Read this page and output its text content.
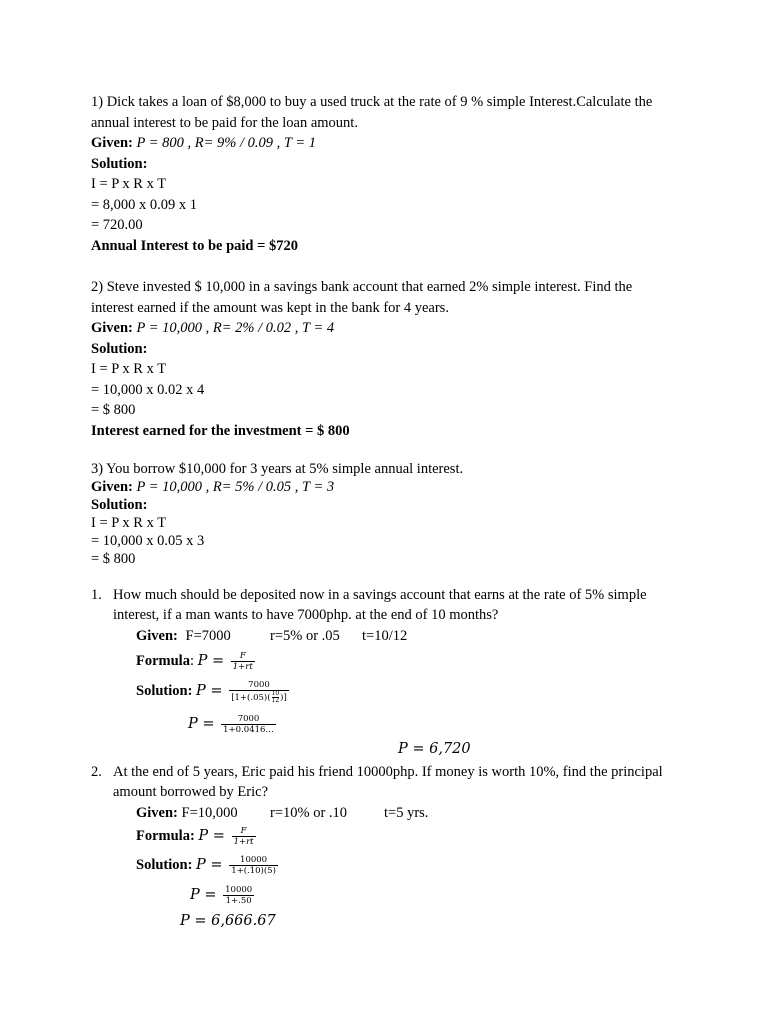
1) Dick takes a loan of $8,000 to buy a used truck at the rate of 9 % simple Interest.Calculate the
annual interest to be paid for the loan amount.
Given: P = 800 , R= 9% / 0.09 , T = 1
Solution:
I = P x R x T
= 8,000 x 0.09 x 1
= 720.00
Annual Interest to be paid = $720
2) Steve invested $ 10,000 in a savings bank account that earned 2% simple interest. Find the
interest earned if the amount was kept in the bank for 4 years.
Given: P = 10,000 , R= 2% / 0.02 , T = 4
Solution:
I = P x R x T
= 10,000 x 0.02 x 4
= $ 800
Interest earned for the investment = $ 800
3) You borrow $10,000 for 3 years at 5% simple annual interest.
Given: P = 10,000 , R= 5% / 0.05 , T = 3
Solution:
I = P x R x T
= 10,000 x 0.05 x 3
= $ 800
1. How much should be deposited now in a savings account that earns at the rate of 5% simple
interest, if a man wants to have 7000php. at the end of 10 months?
Given: F=7000	r=5% or .05 t=10/12
Formula: $P = \frac{F}{1+rt}$
Solution: $P = \frac{7000}{[1+(.05)( \frac{10}{12} )]}$
$P = \frac{7000}{1+0.0416\dots}$
P = 6,720
2. At the end of 5 years, Eric paid his friend 10000php. If money is worth 10%, find the principal
amount borrowed by Eric?
Given: F=10,000 r=10% or .10	t=5 yrs.
Formula: $P = \frac{F}{1+rt}$
Solution: $P = \frac{10000}{1+(.10)(5)}$
$P = \frac{10000}{1+.50}$
P = 6,666.67
